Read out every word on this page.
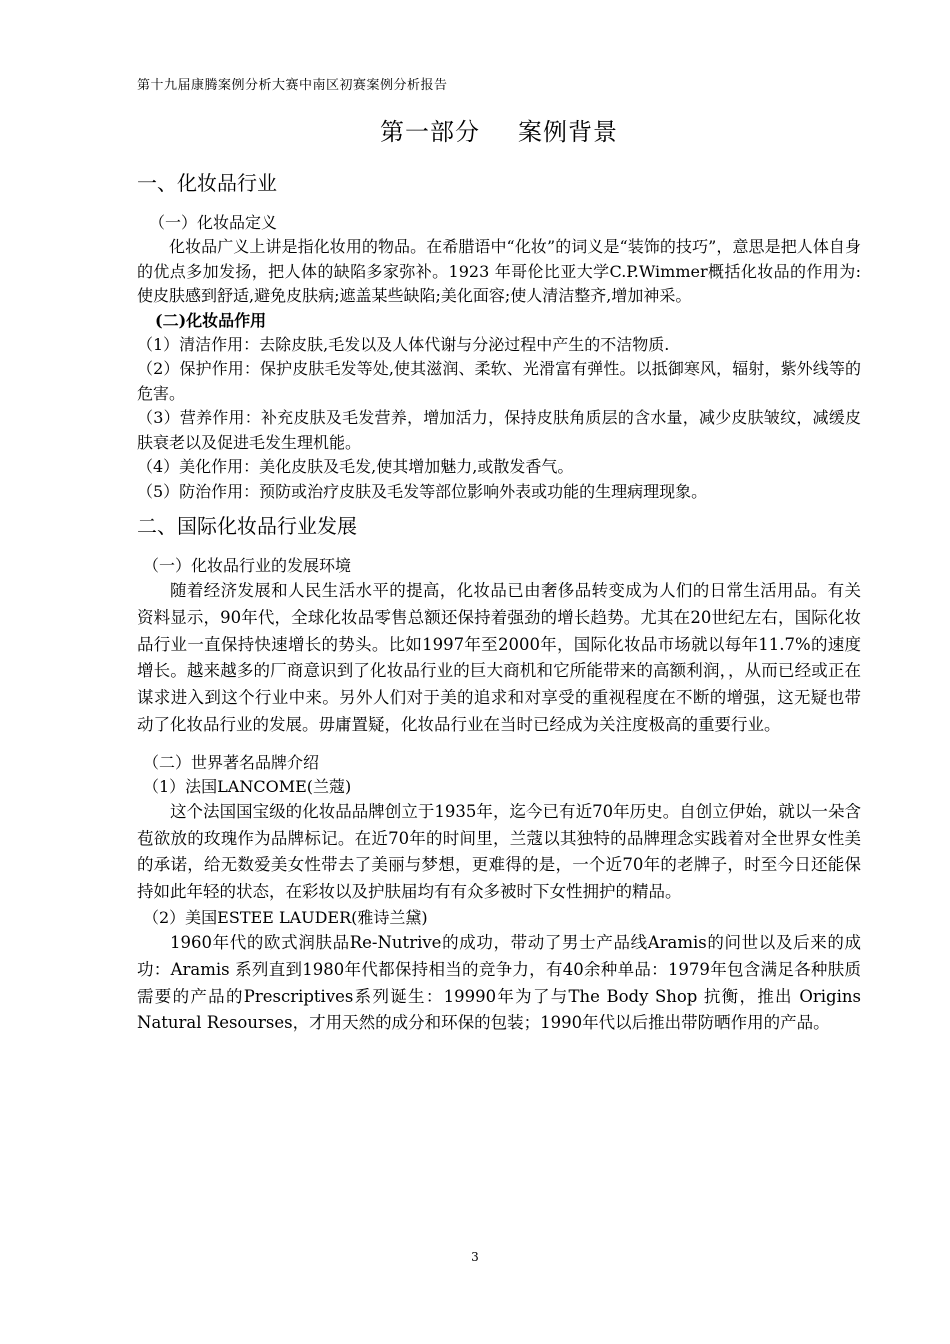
第十九届康腾案例分析大赛中南区初赛案例分析报告
第一部分 案例背景
一、化妆品行业
（一）化妆品定义

化妆品广义上讲是指化妆用的物品。在希腊语中“化妆”的词义是“装饰的技巧”，意思是把人体自身的优点多加发扬，把人体的缺陷多家弥补。1923 年哥伦比亚大学C.P.Wimmer概括化妆品的作用为:使皮肤感到舒适,避免皮肤病;遮盖某些缺陷;美化面容;使人清洁整齐,增加神采。

(二)化妆品作用

（1）清洁作用：去除皮肤,毛发以及人体代谢与分泌过程中产生的不洁物质.

（2）保护作用：保护皮肤毛发等处,使其滋润、柔软、光滑富有弹性。以抵御寒风，辐射，紫外线等的危害。

（3）营养作用：补充皮肤及毛发营养，增加活力，保持皮肤角质层的含水量，减少皮肤皱纹，减缓皮肤衰老以及促进毛发生理机能。

（4）美化作用：美化皮肤及毛发,使其增加魅力,或散发香气。

（5）防治作用：预防或治疗皮肤及毛发等部位影响外表或功能的生理病理现象。

二、国际化妆品行业发展
（一）化妆品行业的发展环境

随着经济发展和人民生活水平的提高，化妆品已由奢侈品转变成为人们的日常生活用品。有关资料显示，90年代，全球化妆品零售总额还保持着强劲的增长趋势。尤其在20世纪左右，国际化妆品行业一直保持快速增长的势头。比如1997年至2000年，国际化妆品市场就以每年11.7%的速度增长。越来越多的厂商意识到了化妆品行业的巨大商机和它所能带来的高额利润，，从而已经或正在谋求进入到这个行业中来。另外人们对于美的追求和对享受的重视程度在不断的增强，这无疑也带动了化妆品行业的发展。毋庸置疑，化妆品行业在当时已经成为关注度极高的重要行业。

（二）世界著名品牌介绍
（1）法国LANCOME(兰蔻)

这个法国国宝级的化妆品品牌创立于1935年，迄今已有近70年历史。自创立伊始，就以一朵含苞欲放的玫瑰作为品牌标记。在近70年的时间里，兰蔻以其独特的品牌理念实践着对全世界女性美的承诺，给无数爱美女性带去了美丽与梦想，更难得的是，一个近70年的老牌子，时至今日还能保持如此年轻的状态，在彩妆以及护肤届均有有众多被时下女性拥护的精品。

（2）美国ESTEE LAUDER(雅诗兰黛)

1960年代的欧式润肤品Re-Nutrive的成功，带动了男士产品线Aramis的问世以及后来的成功：Aramis 系列直到1980年代都保持相当的竞争力，有40余种单品：1979年包含满足各种肤质需要的产品的Prescriptives系列诞生：19990年为了与The Body Shop 抗衡，推出 Origins Natural Resourses，才用天然的成分和环保的包装；1990年代以后推出带防晒作用的产品。

3
